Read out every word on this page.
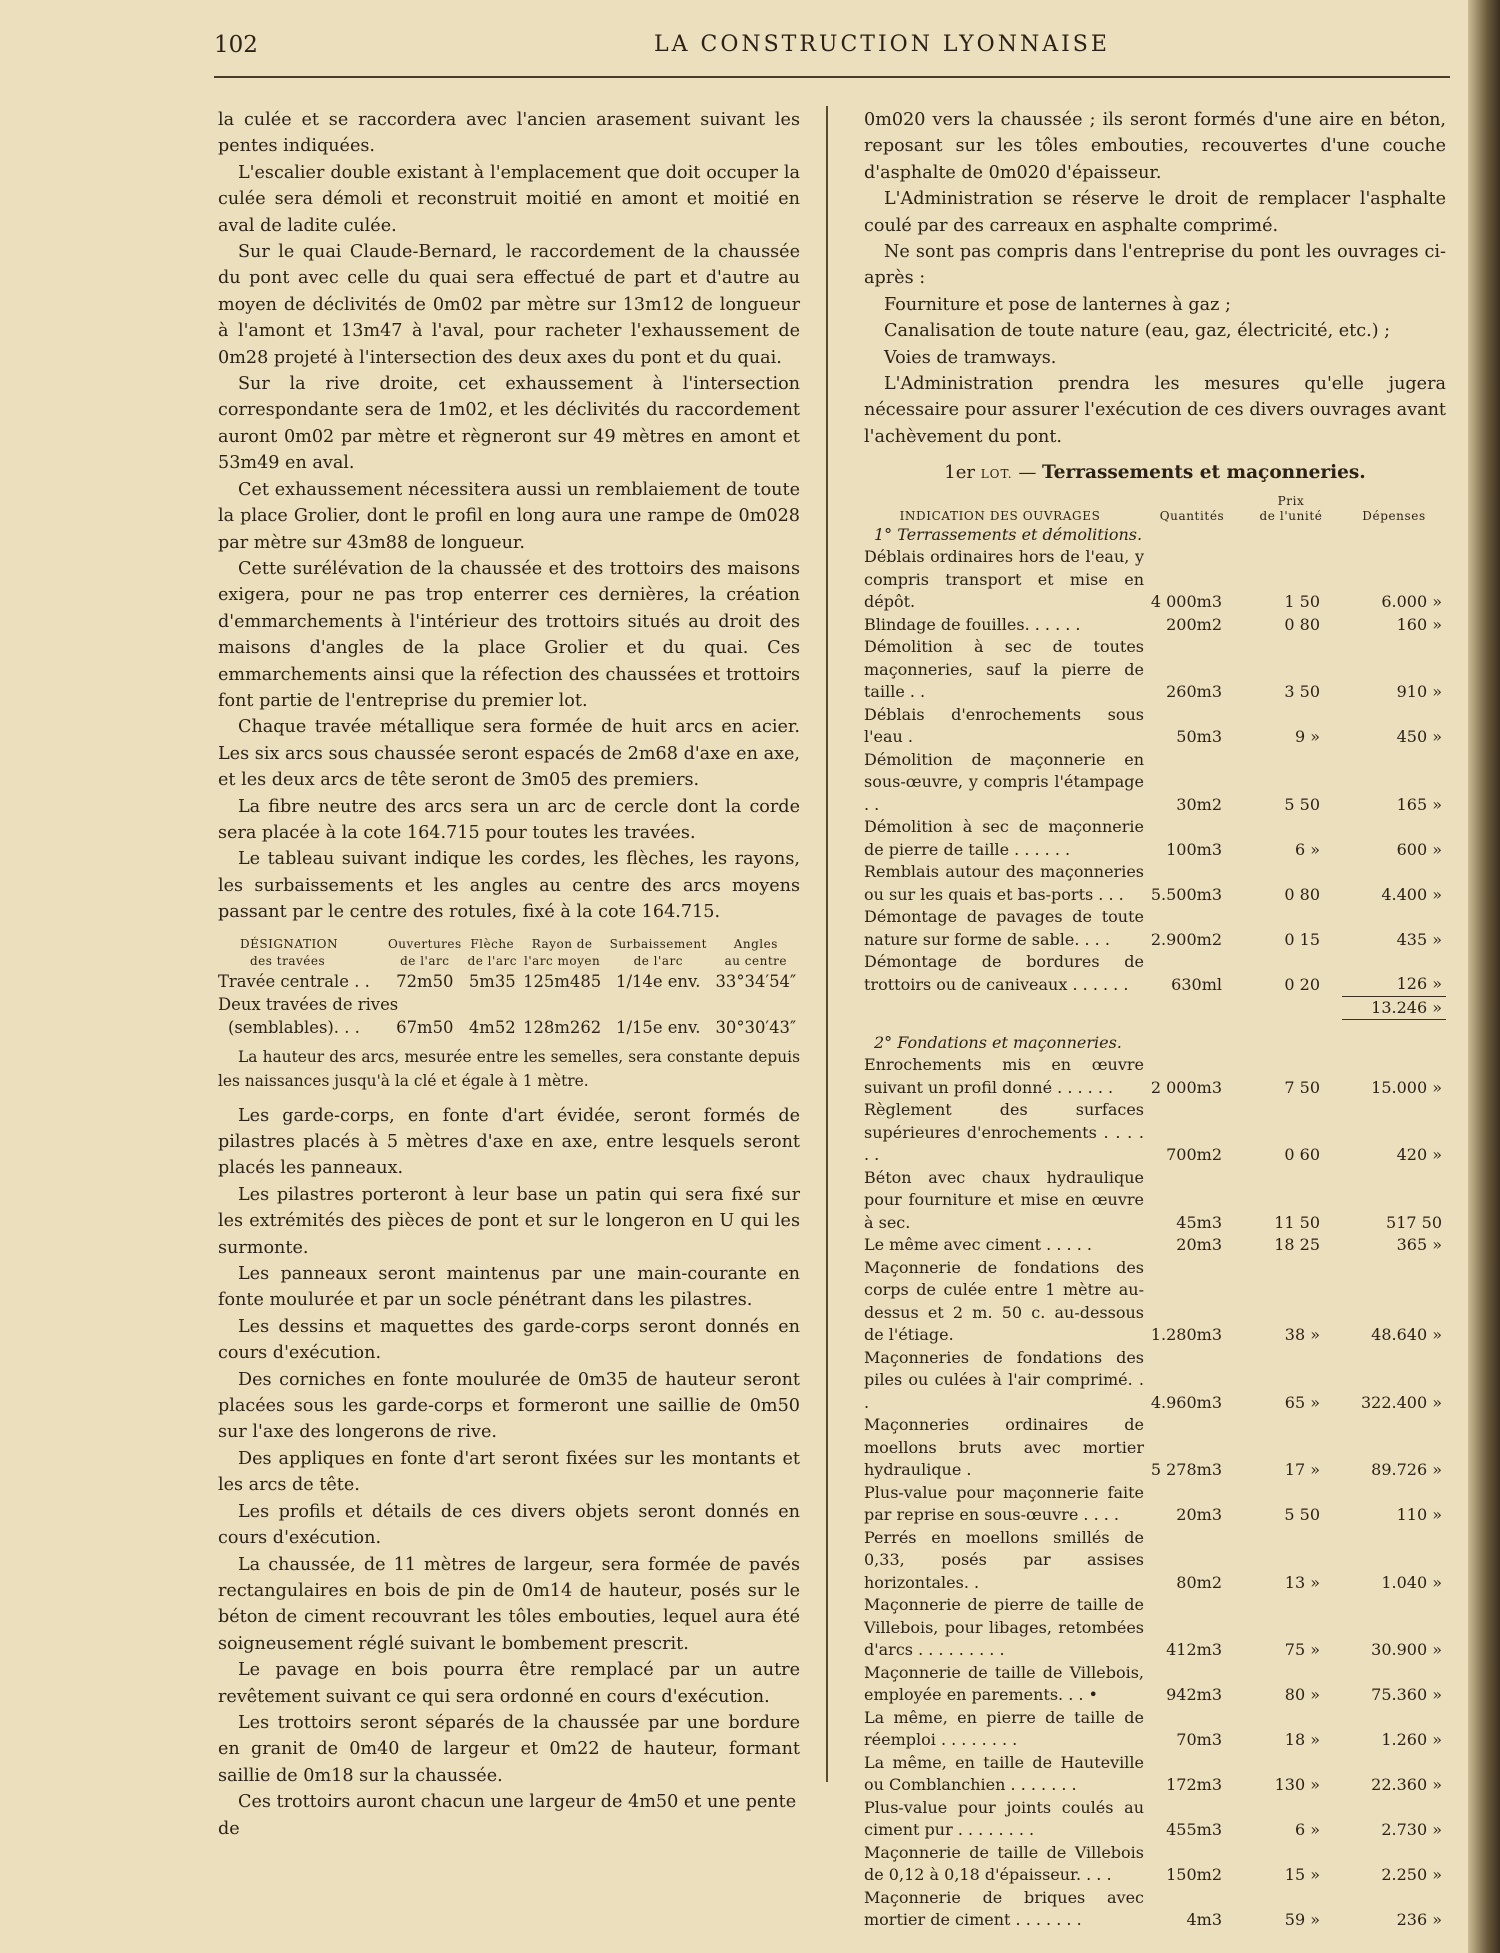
102	LA CONSTRUCTION LYONNAISE

la culée et se raccordera avec l'ancien arasement suivant les pentes indiquées.

L'escalier double existant à l'emplacement que doit occuper la culée sera démoli et reconstruit moitié en amont et moitié en aval de ladite culée.

Sur le quai Claude-Bernard, le raccordement de la chaussée du pont avec celle du quai sera effectué de part et d'autre au moyen de déclivités de 0m02 par mètre sur 13m12 de longueur à l'amont et 13m47 à l'aval, pour racheter l'exhaussement de 0m28 projeté à l'intersection des deux axes du pont et du quai.

Sur la rive droite, cet exhaussement à l'intersection correspondante sera de 1m02, et les déclivités du raccordement auront 0m02 par mètre et règneront sur 49 mètres en amont et 53m49 en aval.

Cet exhaussement nécessitera aussi un remblaiement de toute la place Grolier, dont le profil en long aura une rampe de 0m028 par mètre sur 43m88 de longueur.

Cette surélévation de la chaussée et des trottoirs des maisons exigera, pour ne pas trop enterrer ces dernières, la création d'emmarchements à l'intérieur des trottoirs situés au droit des maisons d'angles de la place Grolier et du quai. Ces emmarchements ainsi que la réfection des chaussées et trottoirs font partie de l'entreprise du premier lot.

Chaque travée métallique sera formée de huit arcs en acier. Les six arcs sous chaussée seront espacés de 2m68 d'axe en axe, et les deux arcs de tête seront de 3m05 des premiers.

La fibre neutre des arcs sera un arc de cercle dont la corde sera placée à la cote 164.715 pour toutes les travées.

Le tableau suivant indique les cordes, les flèches, les rayons, les surbaissements et les angles au centre des arcs moyens passant par le centre des rotules, fixé à la cote 164.715.

DÉSIGNATION	Ouvertures	Flèche	Rayon de	Surbaissement	Angles
des travées	de l'arc	de l'arc	l'arc moyen	de l'arc	au centre
Travée centrale . .	72m50	5m35	125m485	1/14e env.	33°34′54″
Deux travées de rives					
(semblables). . .	67m50	4m52	128m262	1/15e env.	30°30′43″

La hauteur des arcs, mesurée entre les semelles, sera constante depuis les naissances jusqu'à la clé et égale à 1 mètre.

Les garde-corps, en fonte d'art évidée, seront formés de pilastres placés à 5 mètres d'axe en axe, entre lesquels seront placés les panneaux.

Les pilastres porteront à leur base un patin qui sera fixé sur les extrémités des pièces de pont et sur le longeron en U qui les surmonte.

Les panneaux seront maintenus par une main-courante en fonte moulurée et par un socle pénétrant dans les pilastres.

Les dessins et maquettes des garde-corps seront donnés en cours d'exécution.

Des corniches en fonte moulurée de 0m35 de hauteur seront placées sous les garde-corps et formeront une saillie de 0m50 sur l'axe des longerons de rive.

Des appliques en fonte d'art seront fixées sur les montants et les arcs de tête.

Les profils et détails de ces divers objets seront donnés en cours d'exécution.

La chaussée, de 11 mètres de largeur, sera formée de pavés rectangulaires en bois de pin de 0m14 de hauteur, posés sur le béton de ciment recouvrant les tôles embouties, lequel aura été soigneusement réglé suivant le bombement prescrit.

Le pavage en bois pourra être remplacé par un autre revêtement suivant ce qui sera ordonné en cours d'exécution.

Les trottoirs seront séparés de la chaussée par une bordure en granit de 0m40 de largeur et 0m22 de hauteur, formant saillie de 0m18 sur la chaussée.

Ces trottoirs auront chacun une largeur de 4m50 et une pente de

0m020 vers la chaussée ; ils seront formés d'une aire en béton, reposant sur les tôles embouties, recouvertes d'une couche d'asphalte de 0m020 d'épaisseur.

L'Administration se réserve le droit de remplacer l'asphalte coulé par des carreaux en asphalte comprimé.

Ne sont pas compris dans l'entreprise du pont les ouvrages ci-après :

Fourniture et pose de lanternes à gaz ;

Canalisation de toute nature (eau, gaz, électricité, etc.) ;

Voies de tramways.

L'Administration prendra les mesures qu'elle jugera nécessaire pour assurer l'exécution de ces divers ouvrages avant l'achèvement du pont.

1er LOT. — Terrassements et maçonneries.

		Prix	
INDICATION DES OUVRAGES	Quantités	de l'unité	Dépenses
1° Terrassements et démolitions.			
Déblais ordinaires hors de l'eau, y compris transport et mise en dépôt.	4 000m3	1 50	6.000 »
Blindage de fouilles. . . . . .	200m2	0 80	160 »
Démolition à sec de toutes maçonneries, sauf la pierre de taille . .	260m3	3 50	910 »
Déblais d'enrochements sous l'eau .	50m3	9 »	450 »
Démolition de maçonnerie en sous-œuvre, y compris l'étampage . .	30m2	5 50	165 »
Démolition à sec de maçonnerie de pierre de taille . . . . . .	100m3	6 »	600 »
Remblais autour des maçonneries ou sur les quais et bas-ports . . .	5.500m3	0 80	4.400 »
Démontage de pavages de toute nature sur forme de sable. . . .	2.900m2	0 15	435 »
Démontage de bordures de trottoirs ou de caniveaux . . . . . .	630ml	0 20	126 »
			13.246 »

2° Fondations et maçonneries.			
Enrochements mis en œuvre suivant un profil donné . . . . . .	2 000m3	7 50	15.000 »
Règlement des surfaces supérieures d'enrochements . . . . . .	700m2	0 60	420 »
Béton avec chaux hydraulique pour fourniture et mise en œuvre à sec.	45m3	11 50	517 50
Le même avec ciment . . . . .	20m3	18 25	365 »
Maçonnerie de fondations des corps de culée entre 1 mètre au-dessus et 2 m. 50 c. au-dessous de l'étiage.	1.280m3	38 »	48.640 »
Maçonneries de fondations des piles ou culées à l'air comprimé. . .	4.960m3	65 »	322.400 »
Maçonneries ordinaires de moellons bruts avec mortier hydraulique .	5 278m3	17 »	89.726 »
Plus-value pour maçonnerie faite par reprise en sous-œuvre . . . .	20m3	5 50	110 »
Perrés en moellons smillés de 0,33, posés par assises horizontales. .	80m2	13 »	1.040 »
Maçonnerie de pierre de taille de Villebois, pour libages, retombées d'arcs . . . . . . . . .	412m3	75 »	30.900 »
Maçonnerie de taille de Villebois, employée en parements. . . •	942m3	80 »	75.360 »
La même, en pierre de taille de réemploi . . . . . . . .	70m3	18 »	1.260 »
La même, en taille de Hauteville ou Comblanchien . . . . . . .	172m3	130 »	22.360 »
Plus-value pour joints coulés au ciment pur . . . . . . . .	455m3	6 »	2.730 »
Maçonnerie de taille de Villebois de 0,12 à 0,18 d'épaisseur. . . .	150m2	15 »	2.250 »
Maçonnerie de briques avec mortier de ciment . . . . . . .	4m3	59 »	236 »
